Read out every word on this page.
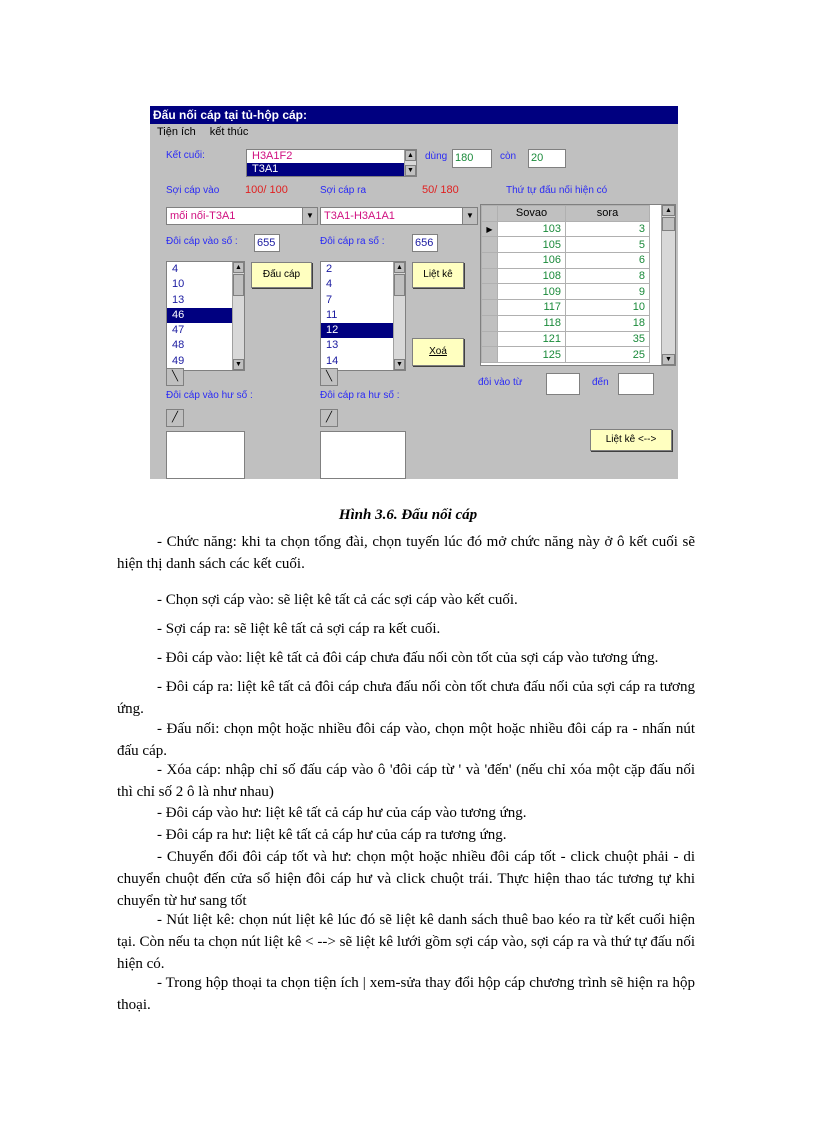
Đấu nối cáp tại tủ-hộp cáp:
Tiện ích kết thúc
Kết cuối:	H3A1F2
T3A1
▲
▼
dùng 180	còn 20
Sợi cáp vào 100/ 100	Sợi cáp ra	50/ 180	Thứ tự đấu nối hiện có
mối nối-T3A1	▼ T3A1-H3A1A1	▼
Đôi cáp vào số : 655	Đôi cáp ra số :	656
4
10
13
46
47
48
49
▲
▼
Đấu cáp	2
4
7
11
12
13
14
▲
▼
Liệt kê
Xoá
	Sovao	sora
▶	103	3
	105	5
	106	6
	108	8
	109	9
	117	10
	118	18
	121	35
	125	25
▲
▼
đôi vào từ	đến
╲	╲
Đôi cáp vào hư số :	Đôi cáp ra hư số :
╱	╱
Liệt kê <-->
Hình 3.6. Đấu nối cáp
- Chức năng: khi ta chọn tổng đài, chọn tuyến lúc đó mở chức năng này ở ô kết cuối sẽ hiện thị danh sách các kết cuối.
- Chọn sợi cáp vào: sẽ liệt kê tất cả các sợi cáp vào kết cuối.
- Sợi cáp ra: sẽ liệt kê tất cả sợi cáp ra kết cuối.
- Đôi cáp vào: liệt kê tất cả đôi cáp chưa đấu nối còn tốt của sợi cáp vào tương ứng.
- Đôi cáp ra: liệt kê tất cả đôi cáp chưa đấu nối còn tốt chưa đấu nối của sợi cáp ra tương ứng.
- Đấu nối: chọn một hoặc nhiều đôi cáp vào, chọn một hoặc nhiều đôi cáp ra - nhấn nút đấu cáp.
- Xóa cáp: nhập chỉ số đấu cáp vào ô 'đôi cáp từ ' và 'đến' (nếu chỉ xóa một cặp đấu nối thì chỉ số 2 ô là như nhau)
- Đôi cáp vào hư: liệt kê tất cả cáp hư của cáp vào tương ứng.
- Đôi cáp ra hư: liệt kê tất cả cáp hư của cáp ra tương ứng.
- Chuyển đổi đôi cáp tốt và hư: chọn một hoặc nhiều đôi cáp tốt - click chuột phải - di chuyển chuột đến cửa sổ hiện đôi cáp hư và click chuột trái. Thực hiện thao tác tương tự khi chuyển từ hư sang tốt
- Nút liệt kê: chọn nút liệt kê lúc đó sẽ liệt kê danh sách thuê bao kéo ra từ kết cuối hiện tại. Còn nếu ta chọn nút liệt kê < --> sẽ liệt kê lưới gồm sợi cáp vào, sợi cáp ra và thứ tự đấu nối hiện có.
- Trong hộp thoại ta chọn tiện ích | xem-sửa thay đổi hộp cáp chương trình sẽ hiện ra hộp thoại.
